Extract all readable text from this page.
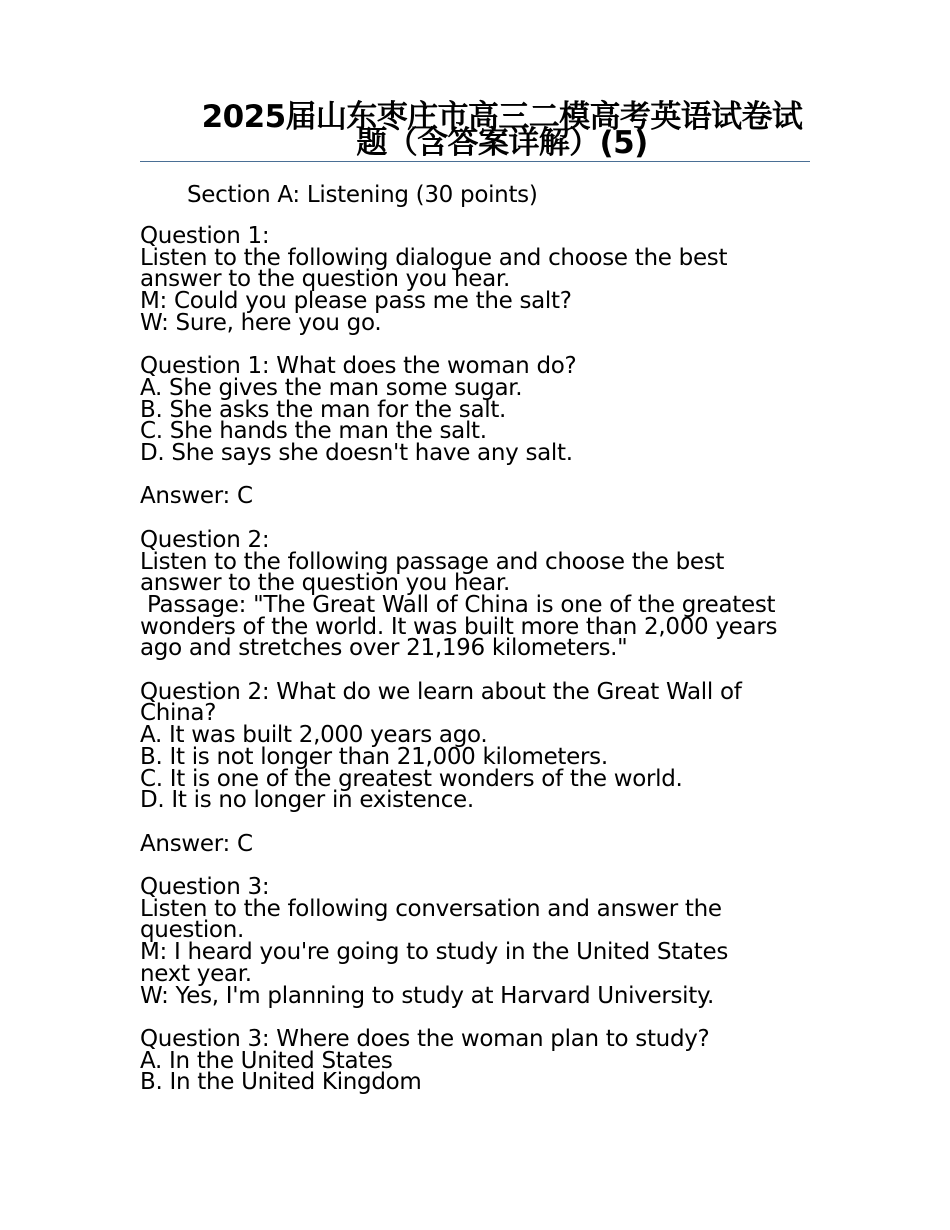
2025届山东枣庄市高三二模高考英语试卷试题（含答案详解）(5)
Section A: Listening (30 points)
Question 1:
Listen to the following dialogue and choose the best
answer to the question you hear.
M: Could you please pass me the salt?
W: Sure, here you go.
Question 1: What does the woman do?
A. She gives the man some sugar.
B. She asks the man for the salt.
C. She hands the man the salt.
D. She says she doesn't have any salt.
Answer: C
Question 2:
Listen to the following passage and choose the best
answer to the question you hear.
Passage: "The Great Wall of China is one of the greatest
wonders of the world. It was built more than 2,000 years
ago and stretches over 21,196 kilometers."
Question 2: What do we learn about the Great Wall of
China?
A. It was built 2,000 years ago.
B. It is not longer than 21,000 kilometers.
C. It is one of the greatest wonders of the world.
D. It is no longer in existence.
Answer: C
Question 3:
Listen to the following conversation and answer the
question.
M: I heard you're going to study in the United States
next year.
W: Yes, I'm planning to study at Harvard University.
Question 3: Where does the woman plan to study?
A. In the United States
B. In the United Kingdom
